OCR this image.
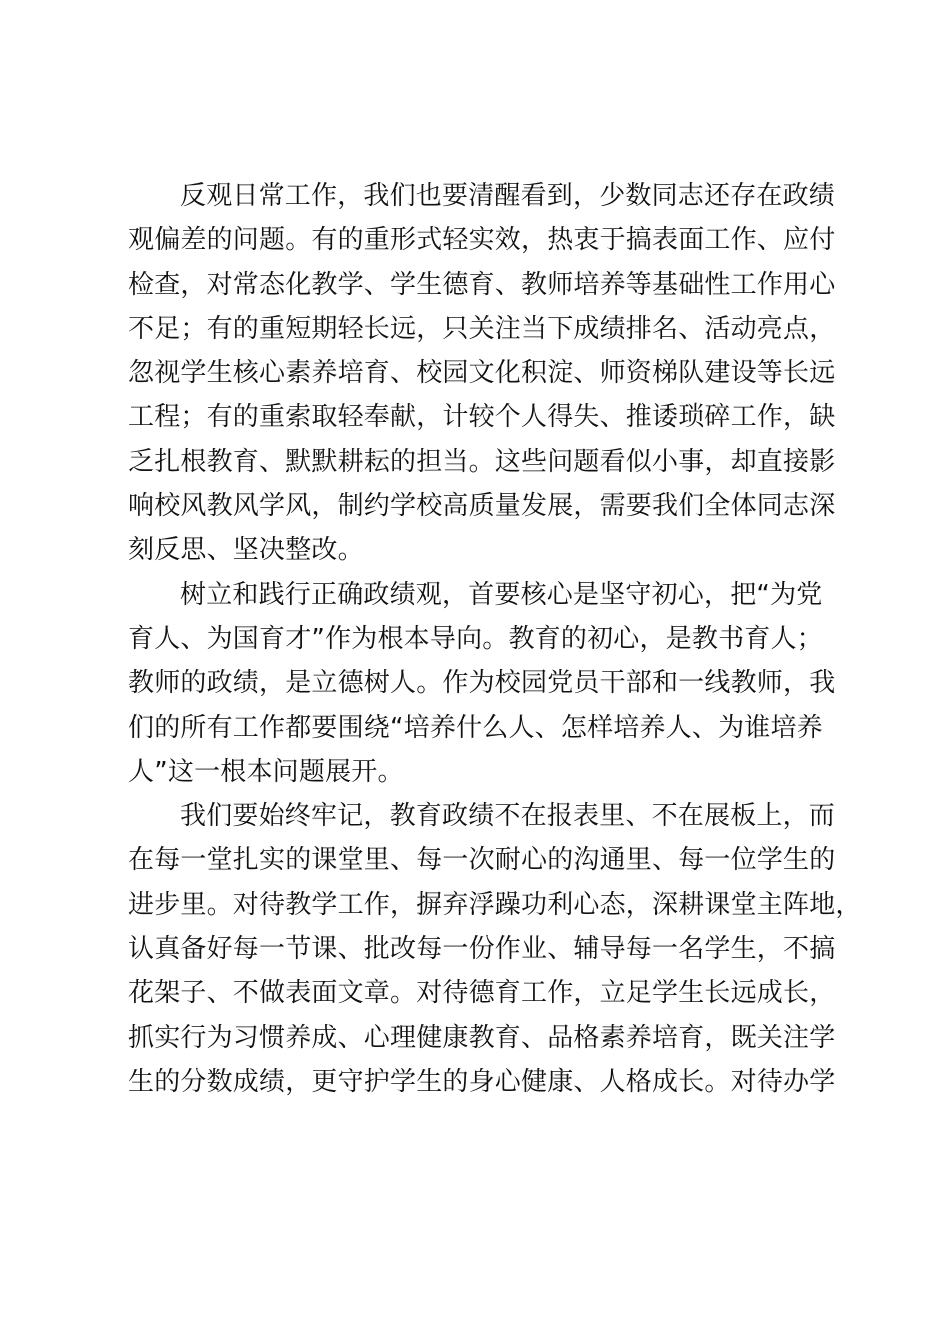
反观日常工作，我们也要清醒看到，少数同志还存在政绩
观偏差的问题。有的重形式轻实效，热衷于搞表面工作、应付
检查，对常态化教学、学生德育、教师培养等基础性工作用心
不足；有的重短期轻长远，只关注当下成绩排名、活动亮点，
忽视学生核心素养培育、校园文化积淀、师资梯队建设等长远
工程；有的重索取轻奉献，计较个人得失、推诿琐碎工作，缺
乏扎根教育、默默耕耘的担当。这些问题看似小事，却直接影
响校风教风学风，制约学校高质量发展，需要我们全体同志深
刻反思、坚决整改。

树立和践行正确政绩观，首要核心是坚守初心，把“为党
育人、为国育才”作为根本导向。教育的初心，是教书育人；
教师的政绩，是立德树人。作为校园党员干部和一线教师，我
们的所有工作都要围绕“培养什么人、怎样培养人、为谁培养
人”这一根本问题展开。

我们要始终牢记，教育政绩不在报表里、不在展板上，而
在每一堂扎实的课堂里、每一次耐心的沟通里、每一位学生的
进步里。对待教学工作，摒弃浮躁功利心态，深耕课堂主阵地，
认真备好每一节课、批改每一份作业、辅导每一名学生，不搞
花架子、不做表面文章。对待德育工作，立足学生长远成长，
抓实行为习惯养成、心理健康教育、品格素养培育，既关注学
生的分数成绩，更守护学生的身心健康、人格成长。对待办学
